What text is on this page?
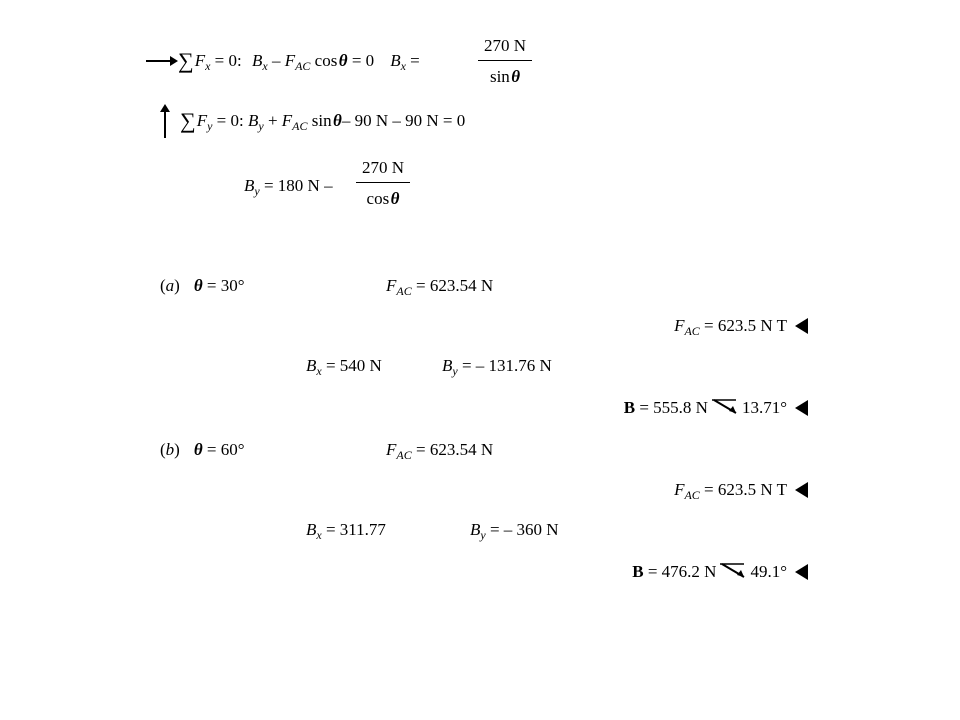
$\sum F_x = 0$: $B_x - F_{AC}$ cos θ = 0 $B_x$ =
270 N
sin θ
$\sum F_y = 0$: $B_y + F_{AC}$ sin θ– 90 N – 90 N = 0
$B_y = 180$ N –
270 N
cos θ
(a) θ = 30°	$F_{AC} = 623.54$ N
$F_{AC} = 623.5$ N T
$B_x = 540$ N	$B_y$ = – 131.76 N
B = 555.8 N 13.71°
(b) θ = 60°	$F_{AC} = 623.54$ N
$F_{AC} = 623.5$ N T
$B_x = 311.77$	$B_y$ = – 360 N
B = 476.2 N 49.1°
